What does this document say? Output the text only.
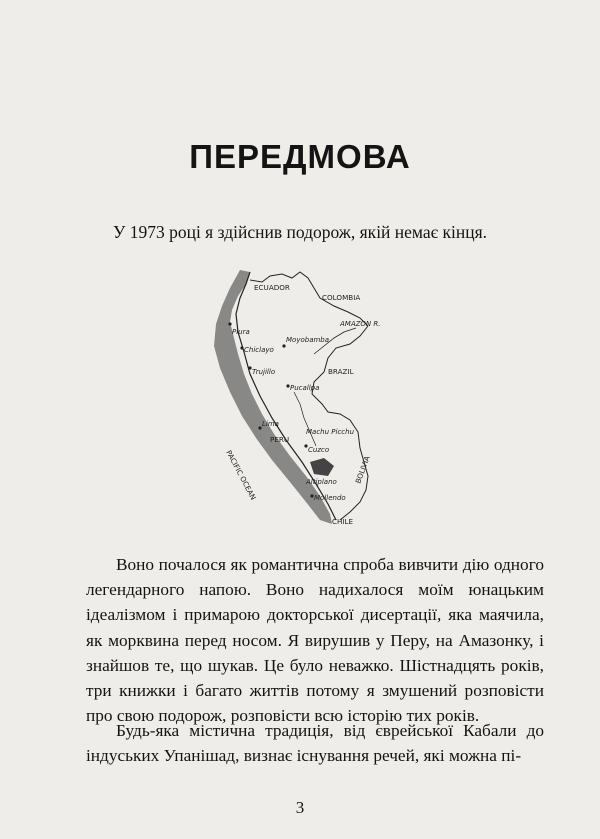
ПЕРЕДМОВА
У 1973 році я здійснив подорож, якій немає кінця.
ECUADOR
COLOMBIA
AMAZON R.
BRAZIL
PERU
PACIFIC OCEAN	BOLIVIA
CHILE
Piura
Chiclayo
Trujillo
Moyobamba
Pucallpa
Lima
Machu Picchu
Cuzco
Altiplano
Mollendo

Воно почалося як романтична спроба вивчити дію одного легендарного напою. Воно надихалося моїм юнацьким ідеалізмом і примарою докторської дисертації, яка маячила, як морквина перед носом. Я вирушив у Перу, на Амазонку, і знайшов те, що шукав. Це було неважко. Шістнадцять років, три книжки і багато життів потому я змушений розповісти про свою подорож, розповісти всю історію тих років.

Будь-яка містична традиція, від єврейської Кабали до індуських Упанішад, визнає існування речей, які можна пі-

3
